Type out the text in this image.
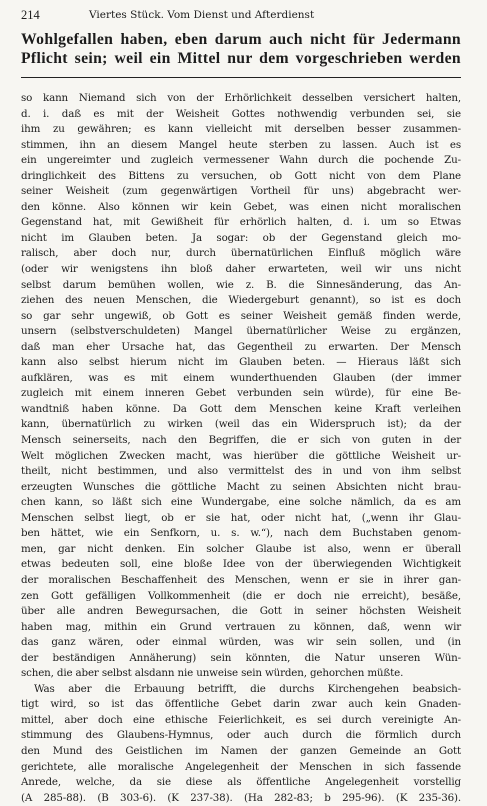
214	Viertes Stück. Vom Dienst und Afterdienst
Wohlgefallen haben, eben darum auch nicht für Jedermann
Pflicht sein; weil ein Mittel nur dem vorgeschrieben werden
so kann Niemand sich von der Erhörlichkeit desselben versichert halten,
d. i. daß es mit der Weisheit Gottes nothwendig verbunden sei, sie
ihm zu gewähren; es kann vielleicht mit derselben besser zusammen-
stimmen, ihn an diesem Mangel heute sterben zu lassen. Auch ist es
ein ungereimter und zugleich vermessener Wahn durch die pochende Zu-
dringlichkeit des Bittens zu versuchen, ob Gott nicht von dem Plane
seiner Weisheit (zum gegenwärtigen Vortheil für uns) abgebracht wer-
den könne. Also können wir kein Gebet, was einen nicht moralischen
Gegenstand hat, mit Gewißheit für erhörlich halten, d. i. um so Etwas
nicht im Glauben beten. Ja sogar: ob der Gegenstand gleich mo-
ralisch, aber doch nur, durch übernatürlichen Einfluß möglich wäre
(oder wir wenigstens ihn bloß daher erwarteten, weil wir uns nicht
selbst darum bemühen wollen, wie z. B. die Sinnesänderung, das An-
ziehen des neuen Menschen, die Wiedergeburt genannt), so ist es doch
so gar sehr ungewiß, ob Gott es seiner Weisheit gemäß finden werde,
unsern (selbstverschuldeten) Mangel übernatürlicher Weise zu ergänzen,
daß man eher Ursache hat, das Gegentheil zu erwarten. Der Mensch
kann also selbst hierum nicht im Glauben beten. — Hieraus läßt sich
aufklären, was es mit einem wunderthuenden Glauben (der immer
zugleich mit einem inneren Gebet verbunden sein würde), für eine Be-
wandtniß haben könne. Da Gott dem Menschen keine Kraft verleihen
kann, übernatürlich zu wirken (weil das ein Widerspruch ist); da der
Mensch seinerseits, nach den Begriffen, die er sich von guten in der
Welt möglichen Zwecken macht, was hierüber die göttliche Weisheit ur-
theilt, nicht bestimmen, und also vermittelst des in und von ihm selbst
erzeugten Wunsches die göttliche Macht zu seinen Absichten nicht brau-
chen kann, so läßt sich eine Wundergabe, eine solche nämlich, da es am
Menschen selbst liegt, ob er sie hat, oder nicht hat, („wenn ihr Glau-
ben hättet, wie ein Senfkorn, u. s. w.“), nach dem Buchstaben genom-
men, gar nicht denken. Ein solcher Glaube ist also, wenn er überall
etwas bedeuten soll, eine bloße Idee von der überwiegenden Wichtigkeit
der moralischen Beschaffenheit des Menschen, wenn er sie in ihrer gan-
zen Gott gefälligen Vollkommenheit (die er doch nie erreicht), besäße,
über alle andren Bewegursachen, die Gott in seiner höchsten Weisheit
haben mag, mithin ein Grund vertrauen zu können, daß, wenn wir
das ganz wären, oder einmal würden, was wir sein sollen, und (in
der beständigen Annäherung) sein könnten, die Natur unseren Wün-
schen, die aber selbst alsdann nie unweise sein würden, gehorchen müßte.
Was aber die Erbauung betrifft, die durchs Kirchengehen beabsich-
tigt wird, so ist das öffentliche Gebet darin zwar auch kein Gnaden-
mittel, aber doch eine ethische Feierlichkeit, es sei durch vereinigte An-
stimmung des Glaubens-Hymnus, oder auch durch die förmlich durch
den Mund des Geistlichen im Namen der ganzen Gemeinde an Gott
gerichtete, alle moralische Angelegenheit der Menschen in sich fassende
Anrede, welche, da sie diese als öffentliche Angelegenheit vorstellig
(A 285-88). (B 303-6). (K 237-38). (Ha 282-83; b 295-96). (K 235-36).
